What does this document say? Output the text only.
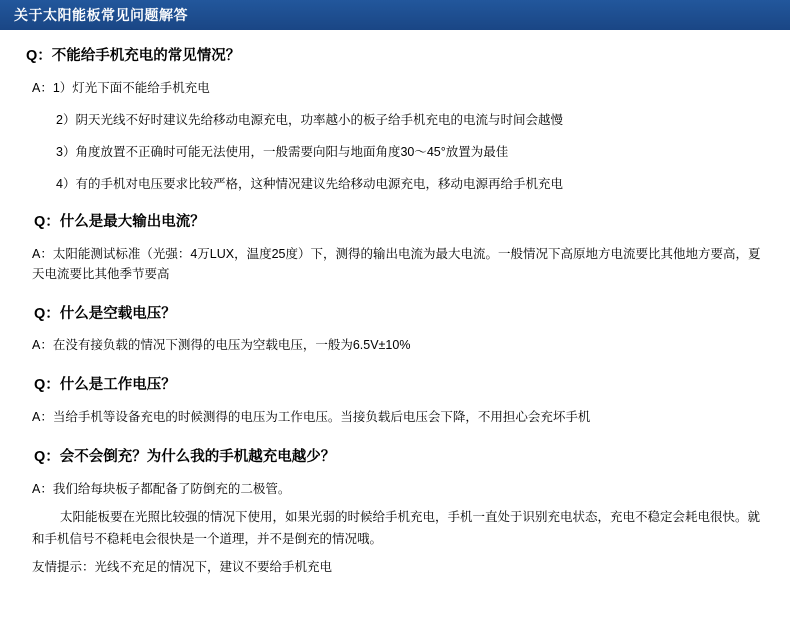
关于太阳能板常见问题解答

Q：不能给手机充电的常见情况？

A：1）灯光下面不能给手机充电

2）阴天光线不好时建议先给移动电源充电，功率越小的板子给手机充电的电流与时间会越慢

3）角度放置不正确时可能无法使用，一般需要向阳与地面角度30～45°放置为最佳

4）有的手机对电压要求比较严格，这种情况建议先给移动电源充电，移动电源再给手机充电

Q：什么是最大输出电流？

A：太阳能测试标准（光强：4万LUX，温度25度）下，测得的输出电流为最大电流。一般情况下高原地方电流要比其他地方要高，夏天电流要比其他季节要高

Q：什么是空载电压？

A：在没有接负载的情况下测得的电压为空载电压，一般为6.5V±10%

Q：什么是工作电压？

A：当给手机等设备充电的时候测得的电压为工作电压。当接负载后电压会下降，不用担心会充坏手机

Q：会不会倒充？为什么我的手机越充电越少？

A：我们给每块板子都配备了防倒充的二极管。

太阳能板要在光照比较强的情况下使用，如果光弱的时候给手机充电，手机一直处于识别充电状态，充电不稳定会耗电很快。就和手机信号不稳耗电会很快是一个道理，并不是倒充的情况哦。

友情提示：光线不充足的情况下，建议不要给手机充电
